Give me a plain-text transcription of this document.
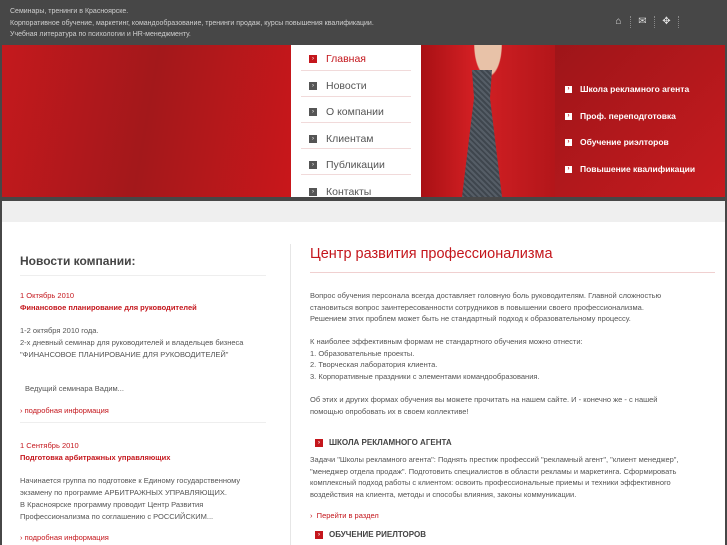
Семинары, тренинги в Красноярске.
Корпоративное обучение, маркетинг, командообразование, тренинги продаж, курсы повышения квалификации.
Учебная литература по психологии и HR-менеджменту.
⌂	✉	✥
› Главная
› Новости
› О компании
› Клиентам
› Публикации
› Контакты
› Школа рекламного агента
› Проф. переподготовка
› Обучение риэлторов
› Повышение квалификации
Новости компании:
1 Октябрь 2010
Финансовое планирование для руководителей
1-2 октября 2010 года.
2-х дневный семинар для руководителей и владельцев бизнеса
"ФИНАНСОВОЕ ПЛАНИРОВАНИЕ ДЛЯ РУКОВОДИТЕЛЕЙ"
Ведущий семинара Вадим...
› подробная информация
1 Сентябрь 2010
Подготовка арбитражных управляющих
Начинается группа по подготовке к Единому государственному
экзамену по программе АРБИТРАЖНЫХ УПРАВЛЯЮЩИХ.
В Красноярске программу проводит Центр Развития
Профессионализма по соглашению с РОССИЙСКИМ...
› подробная информация
Центр развития профессионализма
Вопрос обучения персонала всегда доставляет головную боль руководителям. Главной сложностью
становиться вопрос заинтересованности сотрудников в повышении своего профессионализма.
Решением этих проблем может быть не стандартный подход к образовательному процессу.
К наиболее эффективным формам не стандартного обучения можно отнести:
1. Образовательные проекты.
2. Творческая лаборатория клиента.
3. Корпоративные праздники с элементами командообразования.
Об этих и других формах обучения вы можете прочитать на нашем сайте. И - конечно же - с нашей
помощью опробовать их в своем коллективе!
›	ШКОЛА РЕКЛАМНОГО АГЕНТА
Задачи "Школы рекламного агента": Поднять престиж профессий "рекламный агент", "клиент менеджер",
"менеджер отдела продаж". Подготовить специалистов в области рекламы и маркетинга. Сформировать
комплексный подход работы с клиентом: освоить профессиональные приемы и техники эффективного
воздействия на клиента, методы и способы влияния, законы коммуникации.
›  Перейти в раздел
›	ОБУЧЕНИЕ РИЕЛТОРОВ
